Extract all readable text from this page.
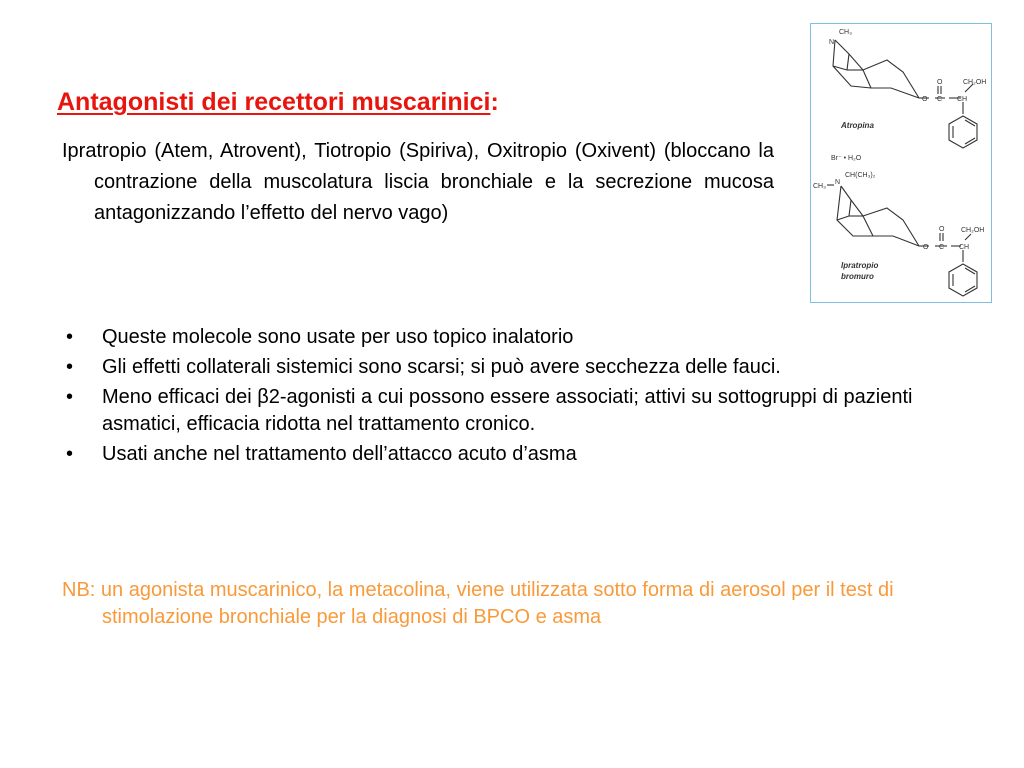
Antagonisti dei recettori muscarinici:
Ipratropio (Atem, Atrovent), Tiotropio (Spiriva), Oxitropio (Oxivent) (bloccano la contrazione della muscolatura liscia bronchiale e la secrezione mucosa antagonizzando l’effetto del nervo vago)
CH₃
N
O C
O
CH
CH₂OH
Atropina
Br⁻ • H₂O
CH₃
N
CH(CH₃)₂
O C
O
CH
CH₂OH
Ipratropio
bromuro
• Queste molecole sono usate per uso topico inalatorio
• Gli effetti collaterali sistemici sono scarsi; si può avere secchezza delle fauci.
• Meno efficaci dei β2-agonisti a cui possono essere associati; attivi su sottogruppi di pazienti asmatici, efficacia ridotta nel trattamento cronico.
• Usati anche nel trattamento dell’attacco acuto d’asma
NB: un agonista muscarinico, la metacolina, viene utilizzata sotto forma di aerosol per il test di stimolazione bronchiale per la diagnosi di BPCO e asma
